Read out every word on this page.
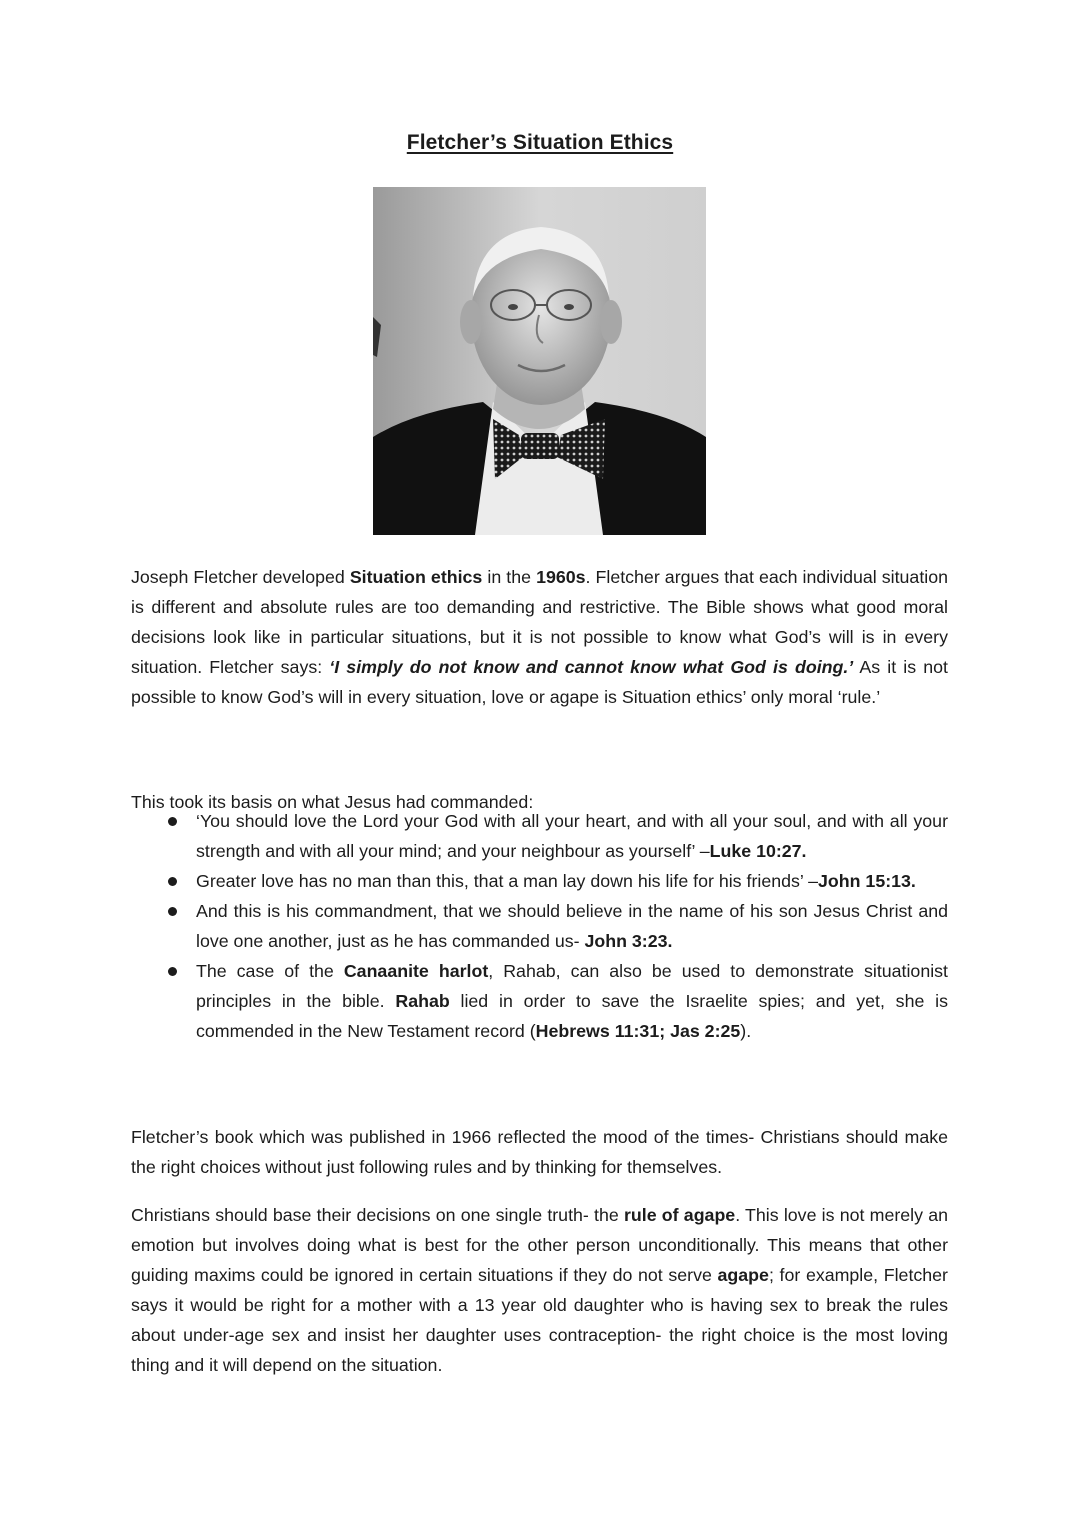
Fletcher’s Situation Ethics

Joseph Fletcher developed Situation ethics in the 1960s. Fletcher argues that each individual situation is different and absolute rules are too demanding and restrictive. The Bible shows what good moral decisions look like in particular situations, but it is not possible to know what God’s will is in every situation. Fletcher says: ‘I simply do not know and cannot know what God is doing.’ As it is not possible to know God’s will in every situation, love or agape is Situation ethics’ only moral ‘rule.’

This took its basis on what Jesus had commanded:
‘You should love the Lord your God with all your heart, and with all your soul, and with all your strength and with all your mind; and your neighbour as yourself’ –Luke 10:27.
Greater love has no man than this, that a man lay down his life for his friends’ –John 15:13.
And this is his commandment, that we should believe in the name of his son Jesus Christ and love one another, just as he has commanded us- John 3:23.
The case of the Canaanite harlot, Rahab, can also be used to demonstrate situationist principles in the bible. Rahab lied in order to save the Israelite spies; and yet, she is commended in the New Testament record (Hebrews 11:31; Jas 2:25).
Fletcher’s book which was published in 1966 reflected the mood of the times- Christians should make the right choices without just following rules and by thinking for themselves.

Christians should base their decisions on one single truth- the rule of agape. This love is not merely an emotion but involves doing what is best for the other person unconditionally. This means that other guiding maxims could be ignored in certain situations if they do not serve agape; for example, Fletcher says it would be right for a mother with a 13 year old daughter who is having sex to break the rules about under-age sex and insist her daughter uses contraception- the right choice is the most loving thing and it will depend on the situation.
